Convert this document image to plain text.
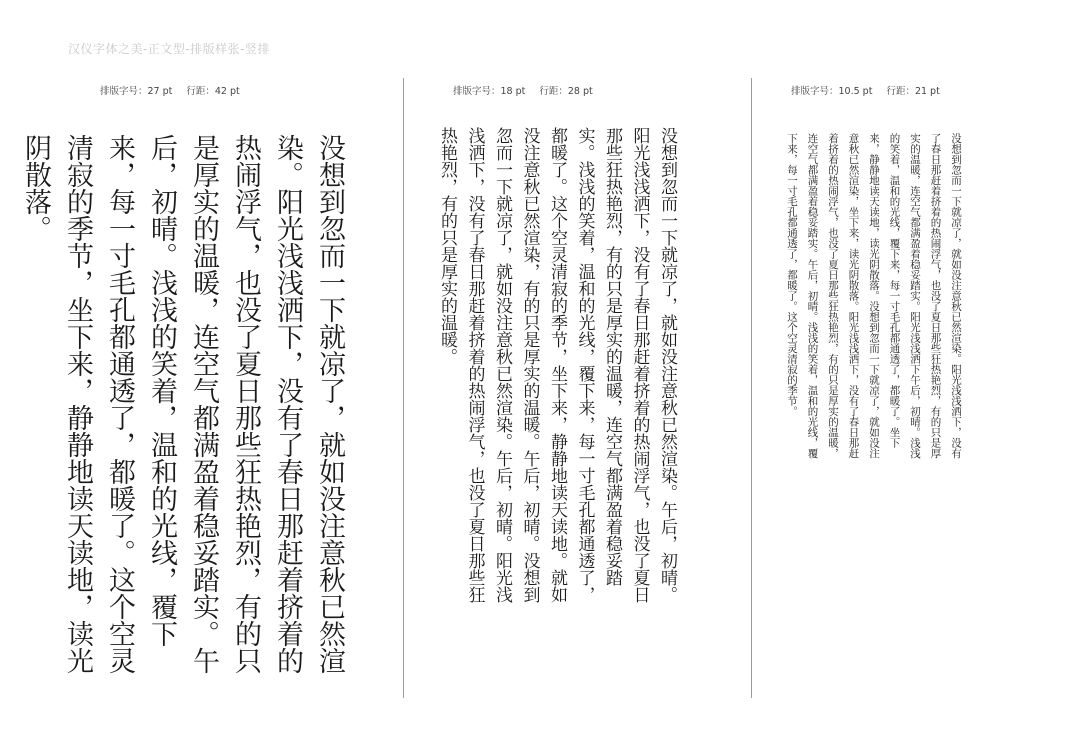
汉仪字体之美-正文型-排版样张-竖排
排版字号：27 pt 行距：42 pt	排版字号：18 pt 行距：28 pt	排版字号：10.5 pt 行距：21 pt
没想到忽而一下就凉了，就如没注意秋已然渲染。阳光浅浅洒下，没有了春日那赶着挤着的热闹浮气，也没了夏日那些狂热艳烈，有的只是厚实的温暖，连空气都满盈着稳妥踏实。午后，初晴。浅浅的笑着，温和的光线，覆下来，每一寸毛孔都通透了，都暖了。这个空灵清寂的季节，坐下来，静静地读天读地，读光阴散落。	没想到忽而一下就凉了，就如没注意秋已然渲染。午后，初晴。阳光浅浅洒下，没有了春日那赶着挤着的热闹浮气，也没了夏日那些狂热艳烈，有的只是厚实的温暖，连空气都满盈着稳妥踏实。浅浅的笑着，温和的光线，覆下来，每一寸毛孔都通透了，都暖了。这个空灵清寂的季节，坐下来，静静地读天读地。就如没注意秋已然渲染，有的只是厚实的温暖。午后，初晴。没想到忽而一下就凉了，就如没注意秋已然渲染。午后，初晴。阳光浅浅洒下，没有了春日那赶着挤着的热闹浮气，也没了夏日那些狂热艳烈，有的只是厚实的温暖。	没想到忽而一下就凉了，就如没注意秋已然渲染。阳光浅浅洒下，没有了春日那赶着挤着的热闹浮气，也没了夏日那些狂热艳烈，有的只是厚实的温暖，连空气都满盈着稳妥踏实。阳光浅浅洒下午后，初晴。浅浅的笑着，温和的光线，覆下来，每一寸毛孔都通透了，都暖了。坐下来，静静地读天读地，读光阴散落。没想到忽而一下就凉了，就如没注意秋已然渲染，坐下来，读光阴散落。阳光浅浅洒下，没有了春日那赶着挤着的热闹浮气，也没了夏日那些狂热艳烈，有的只是厚实的温暖，连空气都满盈着稳妥踏实。午后，初晴。浅浅的笑着，温和的光线，覆下来，每一寸毛孔都通透了，都暖了。这个空灵清寂的季节。
